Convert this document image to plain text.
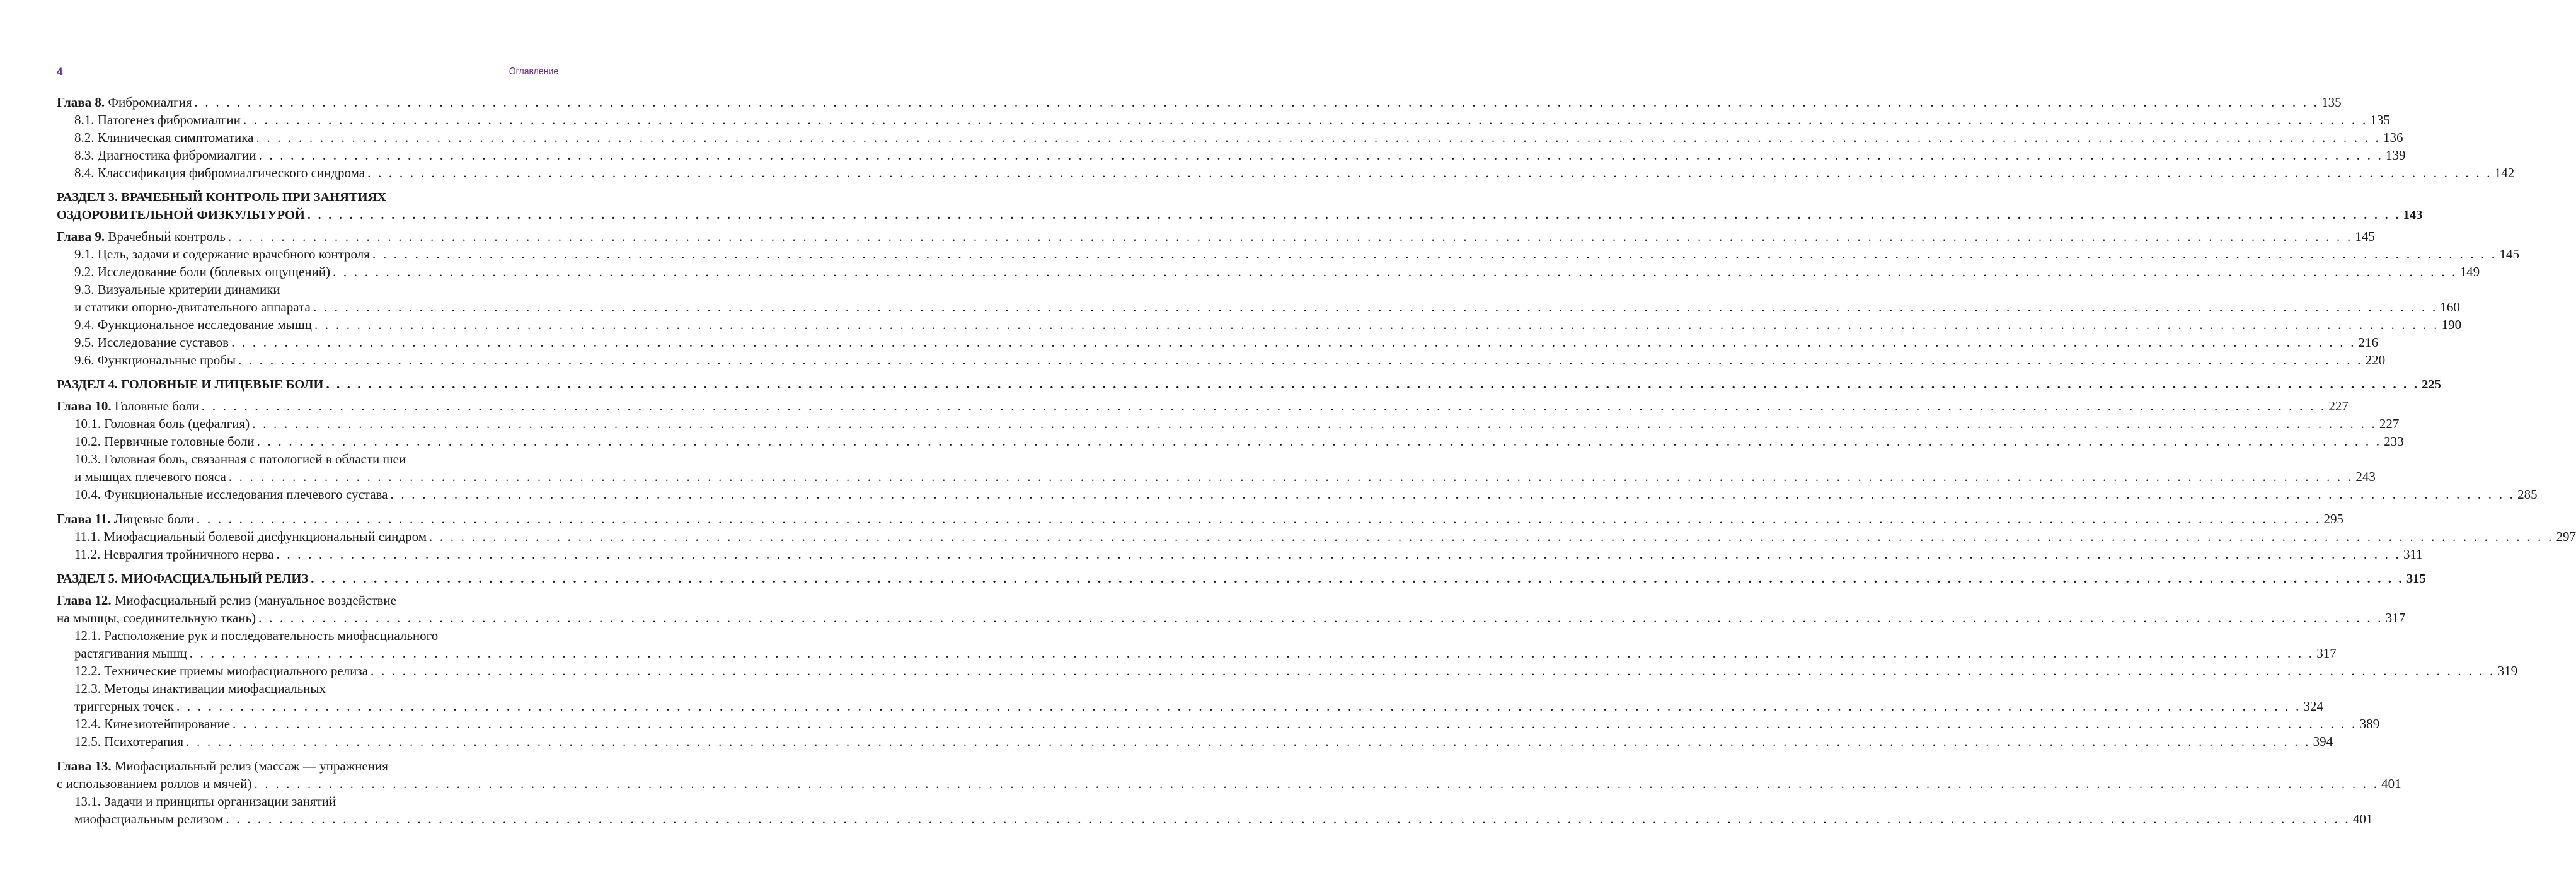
4	Оглавление
Глава 8. Фибромиалгия . . . . . . . . . . . . . . . . . . . . . . . . . . . . . . . . . . . . . . . . . . . . . . . . . . . . . . . . . . . . . . . . . . . . . . . . . . . . . . . . . . . . . . . . . . . . . . . . . . . . . . . . . . . . . . . . . . . . . . . . . . . . . . . . . . . . . . . . . . . . . . . . . . . . . . . . . . . . . . . . . . . . . . . . . . . . . . . . . . . . . . . . . . . . . . . . . . . . . . . . 135
8.1. Патогенез фибромиалгии . . . . . . . . . . . . . . . . . . . . . . . . . . . . . . . . . . . . . . . . . . . . . . . . . . . . . . . . . . . . . . . . . . . . . . . . . . . . . . . . . . . . . . . . . . . . . . . . . . . . . . . . . . . . . . . . . . . . . . . . . . . . . . . . . . . . . . . . . . . . . . . . . . . . . . . . . . . . . . . . . . . . . . . . . . . . . . . . . . . . . . . . . . . . . . . . . . . . . . . . 135
8.2. Клиническая симптоматика . . . . . . . . . . . . . . . . . . . . . . . . . . . . . . . . . . . . . . . . . . . . . . . . . . . . . . . . . . . . . . . . . . . . . . . . . . . . . . . . . . . . . . . . . . . . . . . . . . . . . . . . . . . . . . . . . . . . . . . . . . . . . . . . . . . . . . . . . . . . . . . . . . . . . . . . . . . . . . . . . . . . . . . . . . . . . . . . . . . . . . . . . . . . . . . . . . . . . . . . 136
8.3. Диагностика фибромиалгии . . . . . . . . . . . . . . . . . . . . . . . . . . . . . . . . . . . . . . . . . . . . . . . . . . . . . . . . . . . . . . . . . . . . . . . . . . . . . . . . . . . . . . . . . . . . . . . . . . . . . . . . . . . . . . . . . . . . . . . . . . . . . . . . . . . . . . . . . . . . . . . . . . . . . . . . . . . . . . . . . . . . . . . . . . . . . . . . . . . . . . . . . . . . . . . . . . . . . . . . 139
8.4. Классификация фибромиалгического синдрома . . . . . . . . . . . . . . . . . . . . . . . . . . . . . . . . . . . . . . . . . . . . . . . . . . . . . . . . . . . . . . . . . . . . . . . . . . . . . . . . . . . . . . . . . . . . . . . . . . . . . . . . . . . . . . . . . . . . . . . . . . . . . . . . . . . . . . . . . . . . . . . . . . . . . . . . . . . . . . . . . . . . . . . . . . . . . . . . . . . . . . . . . . . . . . . . . . . . . . . . 142
РАЗДЕЛ 3. ВРАЧЕБНЫЙ КОНТРОЛЬ ПРИ ЗАНЯТИЯХ
ОЗДОРОВИТЕЛЬНОЙ ФИЗКУЛЬТУРОЙ . . . . . . . . . . . . . . . . . . . . . . . . . . . . . . . . . . . . . . . . . . . . . . . . . . . . . . . . . . . . . . . . . . . . . . . . . . . . . . . . . . . . . . . . . . . . . . . . . . . . . . . . . . . . . . . . . . . . . . . . . . . . . . . . . . . . . . . . . . . . . . . . . . . . . . . . . . . . . . . . . . . . . . . . . . . . . . . . . . . . . . . . . . . . . . . . . . . . . . . . 143
Глава 9. Врачебный контроль . . . . . . . . . . . . . . . . . . . . . . . . . . . . . . . . . . . . . . . . . . . . . . . . . . . . . . . . . . . . . . . . . . . . . . . . . . . . . . . . . . . . . . . . . . . . . . . . . . . . . . . . . . . . . . . . . . . . . . . . . . . . . . . . . . . . . . . . . . . . . . . . . . . . . . . . . . . . . . . . . . . . . . . . . . . . . . . . . . . . . . . . . . . . . . . . . . . . . . . . 145
9.1. Цель, задачи и содержание врачебного контроля . . . . . . . . . . . . . . . . . . . . . . . . . . . . . . . . . . . . . . . . . . . . . . . . . . . . . . . . . . . . . . . . . . . . . . . . . . . . . . . . . . . . . . . . . . . . . . . . . . . . . . . . . . . . . . . . . . . . . . . . . . . . . . . . . . . . . . . . . . . . . . . . . . . . . . . . . . . . . . . . . . . . . . . . . . . . . . . . . . . . . . . . . . . . . . . . . . . . . . . . 145
9.2. Исследование боли (болевых ощущений) . . . . . . . . . . . . . . . . . . . . . . . . . . . . . . . . . . . . . . . . . . . . . . . . . . . . . . . . . . . . . . . . . . . . . . . . . . . . . . . . . . . . . . . . . . . . . . . . . . . . . . . . . . . . . . . . . . . . . . . . . . . . . . . . . . . . . . . . . . . . . . . . . . . . . . . . . . . . . . . . . . . . . . . . . . . . . . . . . . . . . . . . . . . . . . . . . . . . . . . . 149
9.3. Визуальные критерии динамики
и статики опорно-двигательного аппарата . . . . . . . . . . . . . . . . . . . . . . . . . . . . . . . . . . . . . . . . . . . . . . . . . . . . . . . . . . . . . . . . . . . . . . . . . . . . . . . . . . . . . . . . . . . . . . . . . . . . . . . . . . . . . . . . . . . . . . . . . . . . . . . . . . . . . . . . . . . . . . . . . . . . . . . . . . . . . . . . . . . . . . . . . . . . . . . . . . . . . . . . . . . . . . . . . . . . . . . . 160
9.4. Функциональное исследование мышц . . . . . . . . . . . . . . . . . . . . . . . . . . . . . . . . . . . . . . . . . . . . . . . . . . . . . . . . . . . . . . . . . . . . . . . . . . . . . . . . . . . . . . . . . . . . . . . . . . . . . . . . . . . . . . . . . . . . . . . . . . . . . . . . . . . . . . . . . . . . . . . . . . . . . . . . . . . . . . . . . . . . . . . . . . . . . . . . . . . . . . . . . . . . . . . . . . . . . . . . 190
9.5. Исследование суставов . . . . . . . . . . . . . . . . . . . . . . . . . . . . . . . . . . . . . . . . . . . . . . . . . . . . . . . . . . . . . . . . . . . . . . . . . . . . . . . . . . . . . . . . . . . . . . . . . . . . . . . . . . . . . . . . . . . . . . . . . . . . . . . . . . . . . . . . . . . . . . . . . . . . . . . . . . . . . . . . . . . . . . . . . . . . . . . . . . . . . . . . . . . . . . . . . . . . . . . . 216
9.6. Функциональные пробы . . . . . . . . . . . . . . . . . . . . . . . . . . . . . . . . . . . . . . . . . . . . . . . . . . . . . . . . . . . . . . . . . . . . . . . . . . . . . . . . . . . . . . . . . . . . . . . . . . . . . . . . . . . . . . . . . . . . . . . . . . . . . . . . . . . . . . . . . . . . . . . . . . . . . . . . . . . . . . . . . . . . . . . . . . . . . . . . . . . . . . . . . . . . . . . . . . . . . . . . 220
РАЗДЕЛ 4. ГОЛОВНЫЕ И ЛИЦЕВЫЕ БОЛИ . . . . . . . . . . . . . . . . . . . . . . . . . . . . . . . . . . . . . . . . . . . . . . . . . . . . . . . . . . . . . . . . . . . . . . . . . . . . . . . . . . . . . . . . . . . . . . . . . . . . . . . . . . . . . . . . . . . . . . . . . . . . . . . . . . . . . . . . . . . . . . . . . . . . . . . . . . . . . . . . . . . . . . . . . . . . . . . . . . . . . . . . . . . . . . . . . . . . . . . . 225
Глава 10. Головные боли . . . . . . . . . . . . . . . . . . . . . . . . . . . . . . . . . . . . . . . . . . . . . . . . . . . . . . . . . . . . . . . . . . . . . . . . . . . . . . . . . . . . . . . . . . . . . . . . . . . . . . . . . . . . . . . . . . . . . . . . . . . . . . . . . . . . . . . . . . . . . . . . . . . . . . . . . . . . . . . . . . . . . . . . . . . . . . . . . . . . . . . . . . . . . . . . . . . . . . . . 227
10.1. Головная боль (цефалгия) . . . . . . . . . . . . . . . . . . . . . . . . . . . . . . . . . . . . . . . . . . . . . . . . . . . . . . . . . . . . . . . . . . . . . . . . . . . . . . . . . . . . . . . . . . . . . . . . . . . . . . . . . . . . . . . . . . . . . . . . . . . . . . . . . . . . . . . . . . . . . . . . . . . . . . . . . . . . . . . . . . . . . . . . . . . . . . . . . . . . . . . . . . . . . . . . . . . . . . . . 227
10.2. Первичные головные боли . . . . . . . . . . . . . . . . . . . . . . . . . . . . . . . . . . . . . . . . . . . . . . . . . . . . . . . . . . . . . . . . . . . . . . . . . . . . . . . . . . . . . . . . . . . . . . . . . . . . . . . . . . . . . . . . . . . . . . . . . . . . . . . . . . . . . . . . . . . . . . . . . . . . . . . . . . . . . . . . . . . . . . . . . . . . . . . . . . . . . . . . . . . . . . . . . . . . . . . . 233
10.3. Головная боль, связанная с патологией в области шеи
и мышцах плечевого пояса . . . . . . . . . . . . . . . . . . . . . . . . . . . . . . . . . . . . . . . . . . . . . . . . . . . . . . . . . . . . . . . . . . . . . . . . . . . . . . . . . . . . . . . . . . . . . . . . . . . . . . . . . . . . . . . . . . . . . . . . . . . . . . . . . . . . . . . . . . . . . . . . . . . . . . . . . . . . . . . . . . . . . . . . . . . . . . . . . . . . . . . . . . . . . . . . . . . . . . . . 243
10.4. Функциональные исследования плечевого сустава . . . . . . . . . . . . . . . . . . . . . . . . . . . . . . . . . . . . . . . . . . . . . . . . . . . . . . . . . . . . . . . . . . . . . . . . . . . . . . . . . . . . . . . . . . . . . . . . . . . . . . . . . . . . . . . . . . . . . . . . . . . . . . . . . . . . . . . . . . . . . . . . . . . . . . . . . . . . . . . . . . . . . . . . . . . . . . . . . . . . . . . . . . . . . . . . . . . . . . . . 285
Глава 11. Лицевые боли . . . . . . . . . . . . . . . . . . . . . . . . . . . . . . . . . . . . . . . . . . . . . . . . . . . . . . . . . . . . . . . . . . . . . . . . . . . . . . . . . . . . . . . . . . . . . . . . . . . . . . . . . . . . . . . . . . . . . . . . . . . . . . . . . . . . . . . . . . . . . . . . . . . . . . . . . . . . . . . . . . . . . . . . . . . . . . . . . . . . . . . . . . . . . . . . . . . . . . . . 295
11.1. Миофасциальный болевой дисфункциональный синдром . . . . . . . . . . . . . . . . . . . . . . . . . . . . . . . . . . . . . . . . . . . . . . . . . . . . . . . . . . . . . . . . . . . . . . . . . . . . . . . . . . . . . . . . . . . . . . . . . . . . . . . . . . . . . . . . . . . . . . . . . . . . . . . . . . . . . . . . . . . . . . . . . . . . . . . . . . . . . . . . . . . . . . . . . . . . . . . . . . . . . . . . . . . . . . . . . . . . . . . . 297
11.2. Невралгия тройничного нерва . . . . . . . . . . . . . . . . . . . . . . . . . . . . . . . . . . . . . . . . . . . . . . . . . . . . . . . . . . . . . . . . . . . . . . . . . . . . . . . . . . . . . . . . . . . . . . . . . . . . . . . . . . . . . . . . . . . . . . . . . . . . . . . . . . . . . . . . . . . . . . . . . . . . . . . . . . . . . . . . . . . . . . . . . . . . . . . . . . . . . . . . . . . . . . . . . . . . . . . . 311
РАЗДЕЛ 5. МИОФАСЦИАЛЬНЫЙ РЕЛИЗ . . . . . . . . . . . . . . . . . . . . . . . . . . . . . . . . . . . . . . . . . . . . . . . . . . . . . . . . . . . . . . . . . . . . . . . . . . . . . . . . . . . . . . . . . . . . . . . . . . . . . . . . . . . . . . . . . . . . . . . . . . . . . . . . . . . . . . . . . . . . . . . . . . . . . . . . . . . . . . . . . . . . . . . . . . . . . . . . . . . . . . . . . . . . . . . . . . . . . . . . 315
Глава 12. Миофасциальный релиз (мануальное воздействие
на мышцы, соединительную ткань) . . . . . . . . . . . . . . . . . . . . . . . . . . . . . . . . . . . . . . . . . . . . . . . . . . . . . . . . . . . . . . . . . . . . . . . . . . . . . . . . . . . . . . . . . . . . . . . . . . . . . . . . . . . . . . . . . . . . . . . . . . . . . . . . . . . . . . . . . . . . . . . . . . . . . . . . . . . . . . . . . . . . . . . . . . . . . . . . . . . . . . . . . . . . . . . . . . . . . . . . 317
12.1. Расположение рук и последовательность миофасциального
растягивания мышц . . . . . . . . . . . . . . . . . . . . . . . . . . . . . . . . . . . . . . . . . . . . . . . . . . . . . . . . . . . . . . . . . . . . . . . . . . . . . . . . . . . . . . . . . . . . . . . . . . . . . . . . . . . . . . . . . . . . . . . . . . . . . . . . . . . . . . . . . . . . . . . . . . . . . . . . . . . . . . . . . . . . . . . . . . . . . . . . . . . . . . . . . . . . . . . . . . . . . . . . 317
12.2. Технические приемы миофасциального релиза . . . . . . . . . . . . . . . . . . . . . . . . . . . . . . . . . . . . . . . . . . . . . . . . . . . . . . . . . . . . . . . . . . . . . . . . . . . . . . . . . . . . . . . . . . . . . . . . . . . . . . . . . . . . . . . . . . . . . . . . . . . . . . . . . . . . . . . . . . . . . . . . . . . . . . . . . . . . . . . . . . . . . . . . . . . . . . . . . . . . . . . . . . . . . . . . . . . . . . . . 319
12.3. Методы инактивации миофасциальных
триггерных точек . . . . . . . . . . . . . . . . . . . . . . . . . . . . . . . . . . . . . . . . . . . . . . . . . . . . . . . . . . . . . . . . . . . . . . . . . . . . . . . . . . . . . . . . . . . . . . . . . . . . . . . . . . . . . . . . . . . . . . . . . . . . . . . . . . . . . . . . . . . . . . . . . . . . . . . . . . . . . . . . . . . . . . . . . . . . . . . . . . . . . . . . . . . . . . . . . . . . . . . . 324
12.4. Кинезиотейпирование . . . . . . . . . . . . . . . . . . . . . . . . . . . . . . . . . . . . . . . . . . . . . . . . . . . . . . . . . . . . . . . . . . . . . . . . . . . . . . . . . . . . . . . . . . . . . . . . . . . . . . . . . . . . . . . . . . . . . . . . . . . . . . . . . . . . . . . . . . . . . . . . . . . . . . . . . . . . . . . . . . . . . . . . . . . . . . . . . . . . . . . . . . . . . . . . . . . . . . . . 389
12.5. Психотерапия . . . . . . . . . . . . . . . . . . . . . . . . . . . . . . . . . . . . . . . . . . . . . . . . . . . . . . . . . . . . . . . . . . . . . . . . . . . . . . . . . . . . . . . . . . . . . . . . . . . . . . . . . . . . . . . . . . . . . . . . . . . . . . . . . . . . . . . . . . . . . . . . . . . . . . . . . . . . . . . . . . . . . . . . . . . . . . . . . . . . . . . . . . . . . . . . . . . . . . . . 394
Глава 13. Миофасциальный релиз (массаж — упражнения
с использованием роллов и мячей) . . . . . . . . . . . . . . . . . . . . . . . . . . . . . . . . . . . . . . . . . . . . . . . . . . . . . . . . . . . . . . . . . . . . . . . . . . . . . . . . . . . . . . . . . . . . . . . . . . . . . . . . . . . . . . . . . . . . . . . . . . . . . . . . . . . . . . . . . . . . . . . . . . . . . . . . . . . . . . . . . . . . . . . . . . . . . . . . . . . . . . . . . . . . . . . . . . . . . . . . 401
13.1. Задачи и принципы организации занятий
миофасциальным релизом . . . . . . . . . . . . . . . . . . . . . . . . . . . . . . . . . . . . . . . . . . . . . . . . . . . . . . . . . . . . . . . . . . . . . . . . . . . . . . . . . . . . . . . . . . . . . . . . . . . . . . . . . . . . . . . . . . . . . . . . . . . . . . . . . . . . . . . . . . . . . . . . . . . . . . . . . . . . . . . . . . . . . . . . . . . . . . . . . . . . . . . . . . . . . . . . . . . . . . . . 401
